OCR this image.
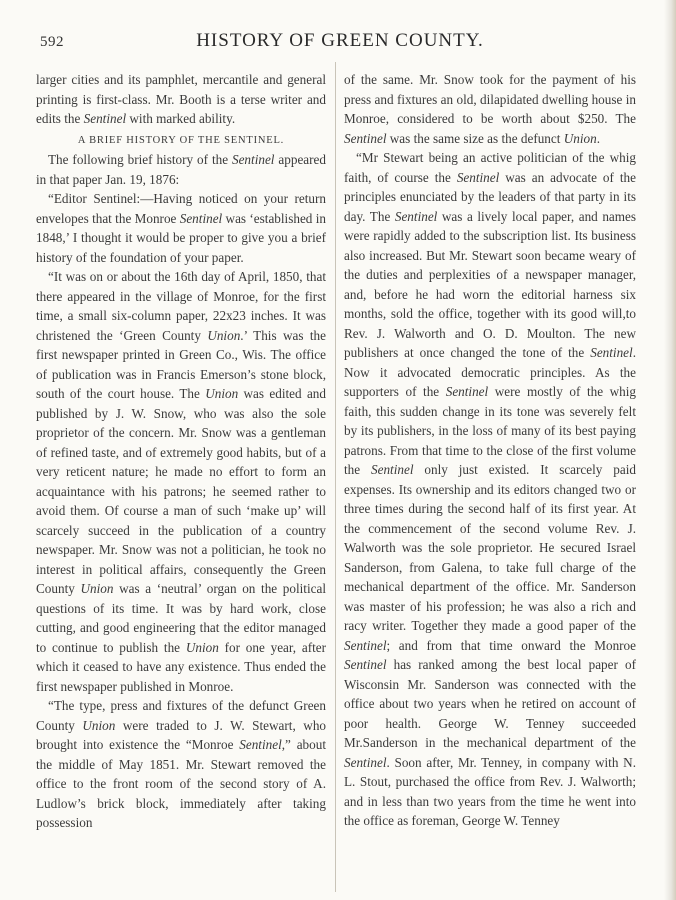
592	HISTORY OF GREEN COUNTY.

larger cities and its pamphlet, mercantile and general printing is first-class. Mr. Booth is a terse writer and edits the Sentinel with marked ability.

A BRIEF HISTORY OF THE SENTINEL.

The following brief history of the Sentinel appeared in that paper Jan. 19, 1876:

“Editor Sentinel:—Having noticed on your return envelopes that the Monroe Sentinel was ‘established in 1848,’ I thought it would be proper to give you a brief history of the foundation of your paper.

“It was on or about the 16th day of April, 1850, that there appeared in the village of Monroe, for the first time, a small six-column paper, 22x23 inches. It was christened the ‘Green County Union.’ This was the first newspaper printed in Green Co., Wis. The office of publication was in Francis Emerson’s stone block, south of the court house. The Union was edited and published by J. W. Snow, who was also the sole proprietor of the concern. Mr. Snow was a gentleman of refined taste, and of extremely good habits, but of a very reticent nature; he made no effort to form an acquaintance with his patrons; he seemed rather to avoid them. Of course a man of such ‘make up’ will scarcely succeed in the publication of a country newspaper. Mr. Snow was not a politician, he took no interest in political affairs, consequently the Green County Union was a ‘neutral’ organ on the political questions of its time. It was by hard work, close cutting, and good engineering that the editor managed to continue to publish the Union for one year, after which it ceased to have any existence. Thus ended the first newspaper published in Monroe.

“The type, press and fixtures of the defunct Green County Union were traded to J. W. Stewart, who brought into existence the “Monroe Sentinel,” about the middle of May 1851. Mr. Stewart removed the office to the front room of the second story of A. Ludlow’s brick block, immediately after taking possession

of the same. Mr. Snow took for the payment of his press and fixtures an old, dilapidated dwelling house in Monroe, considered to be worth about $250. The Sentinel was the same size as the defunct Union.

“Mr Stewart being an active politician of the whig faith, of course the Sentinel was an advocate of the principles enunciated by the leaders of that party in its day. The Sentinel was a lively local paper, and names were rapidly added to the subscription list. Its business also increased. But Mr. Stewart soon became weary of the duties and perplexities of a newspaper manager, and, before he had worn the editorial harness six months, sold the office, together with its good will,to Rev. J. Walworth and O. D. Moulton. The new publishers at once changed the tone of the Sentinel. Now it advocated democratic principles. As the supporters of the Sentinel were mostly of the whig faith, this sudden change in its tone was severely felt by its publishers, in the loss of many of its best paying patrons. From that time to the close of the first volume the Sentinel only just existed. It scarcely paid expenses. Its ownership and its editors changed two or three times during the second half of its first year. At the commencement of the second volume Rev. J. Walworth was the sole proprietor. He secured Israel Sanderson, from Galena, to take full charge of the mechanical department of the office. Mr. Sanderson was master of his profession; he was also a rich and racy writer. Together they made a good paper of the Sentinel; and from that time onward the Monroe Sentinel has ranked among the best local paper of Wisconsin Mr. Sanderson was connected with the office about two years when he retired on account of poor health. George W. Tenney succeeded Mr.Sanderson in the mechanical department of the Sentinel. Soon after, Mr. Tenney, in company with N. L. Stout, purchased the office from Rev. J. Walworth; and in less than two years from the time he went into the office as foreman, George W. Tenney
